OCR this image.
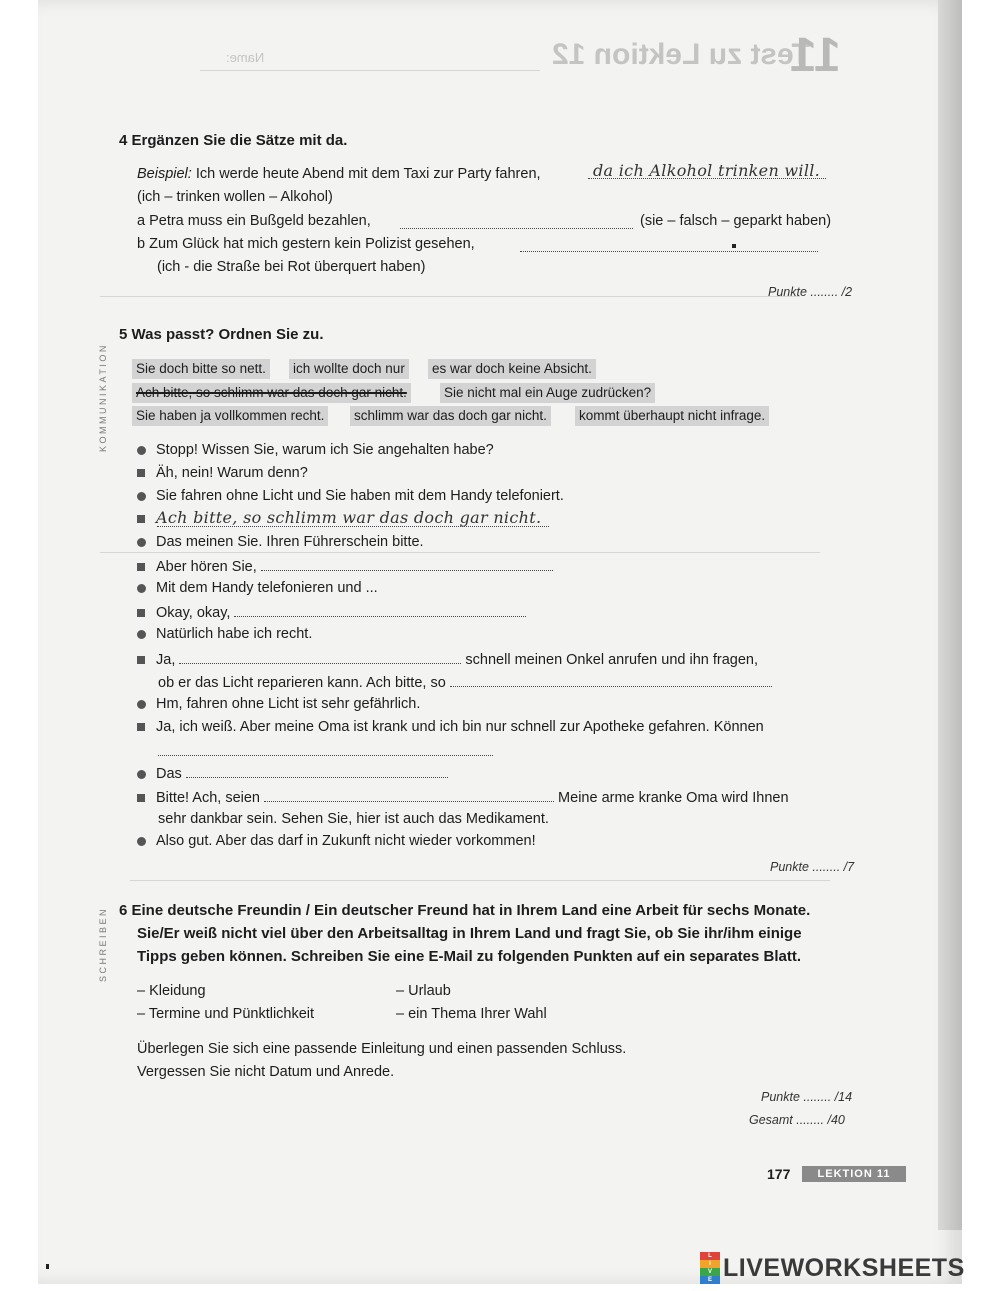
Test zu Lektion 12
11
Name:
4 Ergänzen Sie die Sätze mit da.
Beispiel: Ich werde heute Abend mit dem Taxi zur Party fahren,	da ich Alkohol trinken will.
(ich – trinken wollen – Alkohol)
a Petra muss ein Bußgeld bezahlen,	(sie – falsch – geparkt haben)
b Zum Glück hat mich gestern kein Polizist gesehen,
(ich - die Straße bei Rot überquert haben)
Punkte ........ /2
KOMMUNIKATION
5 Was passt? Ordnen Sie zu.
Sie doch bitte so nett. ich wollte doch nur es war doch keine Absicht.
Ach bitte, so schlimm war das doch gar nicht.	Sie nicht mal ein Auge zudrücken?
Sie haben ja vollkommen recht. schlimm war das doch gar nicht. kommt überhaupt nicht infrage.
Stopp! Wissen Sie, warum ich Sie angehalten habe?
Äh, nein! Warum denn?
Sie fahren ohne Licht und Sie haben mit dem Handy telefoniert.
Ach bitte, so schlimm war das doch gar nicht.
Das meinen Sie. Ihren Führerschein bitte.
Aber hören Sie,
Mit dem Handy telefonieren und ...
Okay, okay,
Natürlich habe ich recht.
Ja,	schnell meinen Onkel anrufen und ihn fragen,
ob er das Licht reparieren kann. Ach bitte, so
Hm, fahren ohne Licht ist sehr gefährlich.
Ja, ich weiß. Aber meine Oma ist krank und ich bin nur schnell zur Apotheke gefahren. Können
Das
Bitte! Ach, seien	Meine arme kranke Oma wird Ihnen
sehr dankbar sein. Sehen Sie, hier ist auch das Medikament.
Also gut. Aber das darf in Zukunft nicht wieder vorkommen!
Punkte ........ /7
SCHREIBEN 6 Eine deutsche Freundin / Ein deutscher Freund hat in Ihrem Land eine Arbeit für sechs Monate.
Sie/Er weiß nicht viel über den Arbeitsalltag in Ihrem Land und fragt Sie, ob Sie ihr/ihm einige
Tipps geben können. Schreiben Sie eine E-Mail zu folgenden Punkten auf ein separates Blatt.
– Kleidung	– Urlaub
– Termine und Pünktlichkeit	– ein Thema Ihrer Wahl
Überlegen Sie sich eine passende Einleitung und einen passenden Schluss.
Vergessen Sie nicht Datum und Anrede.
Punkte ........ /14
Gesamt ........ /40
177	LEKTION 11
L
I
V
E LIVEWORKSHEETS
